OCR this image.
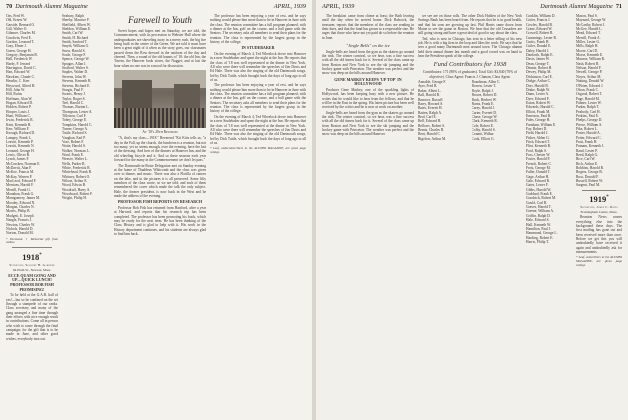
70 Dartmouth Alumni Magazine	APRIL, 1939
Oas, Fred W.
Ohl, Ernest W.
Garside, Bernard O.
Gill, Walter O.
Gilmore, Charles M.
Goodwin, Fred E.
Gordon, Leonard T.
Gray, Elmer J.
Green, George H.
Gregory, Benjamin B.
Hall, Frederick W.
Hardy, F. Jerrard
Harrington, David C.
Hart, Edward W.
Hawkins, Claude C.
Heurlin, C. Kerr
Heywood, Alfred H.
Hill, John W.
Hill, Rufus
Hoffman, Alan W.
Hogan, Edward D.
Holden, Robert P.
Hooper, Louis J.
Hunt, William C.
Irwin, Frederick R.
Kent, Kenneth B.
Kerr, William F.
Keough, Richard D.
Lampey, Frank L.
Leavitt, Kenneth P.
Leavitt, Kenneth N.
Leonard, George H.
Lewis, Oliver B.
Lynch, James F.
McCracken, Norman E.
McDavitt, Alan F.
McKoe, Francis M.
McKay, Warren P.
MacLeod, Edward F.
Merriam, Harold F.
Merrill, Frank G.
Monahan, Frank G.
Montgomery, James M.
Moodey, Edward N.
Morgan, Charles N.
Morris, Philip B.
Mudgett, E. Joseph
Nangle, Francis J.
Newton, Charles W.
Nichols, Harold D.
Norton, Donald M.
* Deceased. † Memorial gift from widow.
1918*
Secretary, Seabury H. Gardner
64 Plum St., Newton, Mass.
ECCE QUAM GONG AND UP—QUICK LUNCH! PROFESSOR BOB FISH PROMISING!

To be held at the G.A.R. hall of yes!—but so be confined on the set through a stampede of our ranks. Class secretary and many of the gang arranged a fine time through their efforts with nice enough result in contributions. Come all in person who wish to come through the final campaign; for the gift that is to be made in June, and other good wishes, everybody turn out.

Seabury, Ralph
Sheehy, Maurice F.
Sheffield, Albert W.
Sheldon, William E.
Smith, Carl W.
Smith, H. Richard
Smith, Sanford T.
Smyth, William G.
Snow, Harold S.
Soule, George F.
Spence, George W.
Spragos, Allan J.
Stafford, Walter S.
Staples, Walter D.
Stevens, John W.
Stevens, Kenneth B.
Stevens, Richard E.
Sturgis, Paul F.
Swarts, Henry J.
Taylor, Roger S.
Teel, Harold C.
Thomas, Burton L.
Thompson, Lester A.
Tillotson, Carl F.
Tobey, George E.
Tompkins, Harold C.
Turner, George A.
Tuttle, Richard S.
Vaughan, Earl P.
Vose, Robert F.
Waite, Harold S.
Walker, Norman L.
Ward, Frank E.
Weaver, Walter L.
Wells, Parker R.
White, Frederick R.
Whitehead, Frank B.
Whitney, Robert O.
Wilson, Arthur E.
Wood, Edwin B.
Woodruff, Harry A.
Woodward, Robert F.
Wright, Philip H.
Farewell to Youth

Sweet hopes and hopes met on Saturday, we are told, the Commencement, with its procession to Webster Hall where the undergraduates are shoveling away in a merry rush, the big fire being built in the center of the Green. We are told it must have been a great night of it when as the story goes, our classmates passed down the Row dressed in the uniform of the day and cheered. Then, a round of the old haunts of '18: the old Inn, the Tavern, the Hanover book stores, the Nugget; and at last the hour when no one was in a mood for discussion.

At '18's 20th Reunion

"A, that's my class—1918." Reverend "Kit Kitts tells us, "a day in the Fall, up the church, the luncheon is a reunion, but not too many, yet so seems enough, over the evening, have the last of the dressing. And how of the dinners at Hanover Inn, and the old wheeling bicycle and it. And so these seasons each year forward for the many in the Commencement we don't let pass."

The Dartmouth-in-Boise Delegation met on Sunday evening at the home of Thaddeus Whitcomb and the class was given over to dinner, and music. There was also a Flotilla of canoes on the lake, and in the pictures it is all preserved. Some fifty members of the class wrote, so we are told, and each of them remembered the cover which made the talk the only subject. Hale, the former president, is now back in the West and he made the address of the evening.

PROFESSOR FISH REPORTS ON RESEARCH

Professor Bob Fish has returned from Hartford, after a year at Harvard, and reports that his research trip has been completed. The professor has been promoting his book, which may be ready for the next term. He has been thinking of the Class History and is glad to help with it. His work in the History department continues, and his students are always glad to find him back.

The professor has been enjoying a year of rest, and he says nothing would please him more than to be in Hanover in June with the class. The reunion committee has a full program planned, with a dinner at the Inn, golf on the course, and a ball game with the Seniors. The secretary asks all members to send their plans for the reunion. The class is represented by the largest group in the history of the college.

IN STUDEBAKER

On the evening of March 4, Ted Wheelock drove into Hanover in a new Studebaker and spent the night at the Inn. He reports that the class of '18 was well represented at the dinner in New York. All who were there will remember the speeches of Jim Davis and Ed Hale. There was also the singing of the old Dartmouth songs, led by Dick Tuttle, which brought back the days of long ago to all of us.

The professor has been enjoying a year of rest, and he says nothing would please him more than to be in Hanover in June with the class. The reunion committee has a full program planned, with a dinner at the Inn, golf on the course, and a ball game with the Seniors. The secretary asks all members to send their plans for the reunion. The class is represented by the largest group in the history of the college.

On the evening of March 4, Ted Wheelock drove into Hanover in a new Studebaker and spent the night at the Inn. He reports that the class of '18 was well represented at the dinner in New York. All who were there will remember the speeches of Jim Davis and Ed Hale. There was also the singing of the old Dartmouth songs, led by Dick Tuttle, which brought back the days of long ago to all of us.

* Leaf, undersubscribers to the ALUMNI MAGAZINE, are given page ratings.
APRIL, 1939	Dartmouth Alumni Magazine 71

The breakfast came from chime at least; the Bath leaving until the day when he arrived home. Dick Babcock, the treasurer, reports that the members of the class are sending in their dues, and that the fund has grown to a respectable size. He urges that those who have not yet paid do so before the reunion in June.

"Jingle Bells" on the ice

Jingle-bells are heard from the gym as the skaters go around the rink. The winter carnival, so we hear, was a fine success with all the old timers back for it. Several of the class came up from Boston and New York to see the ski jumping and the hockey game with Princeton. The weather was perfect and the snow was deep on the hills around Hanover.

GENE MARKEY KEEPS 'UP TOP' IN HOLLYWOOD

Producer Gene Markey, one of the sparkling lights of Hollywood, has been keeping busy with a new picture. He writes that he would like to hear from the fellows, and that he will be in the East in the spring. His latest picture has been well received by the critics and he is now at work on another.

Jingle-bells are heard from the gym as the skaters go around the rink. The winter carnival, so we hear, was a fine success with all the old timers back for it. Several of the class came up from Boston and New York to see the ski jumping and the hockey game with Princeton. The weather was perfect and the snow was deep on the hills around Hanover.

we see are on those rolls. The other Dick Holden of the New York Savings Bank has been heard from. He reports that he is in good health, and that his sons are growing up fast. Phil Harris came down from Maine to see the game in Boston. We hear that the old Crusaders are still going strong and have a great deal of good to say about the class.

Ted, who is now in Chicago, has sent in a letter telling of his new job. He is with a big firm in the loop and likes the work. He says that he sees a good many Dartmouth men around town. The Chicago alumni held their annual dinner last month and a good crowd was on hand to hear the President speak of the college.

Fund Contributors for 1938

Contributors: 171 (80% of graduates). Total Gift: $3,840 (70% of objective). Class Agent: Francis J. Claman, Class Agent.

Annable, George F.
Ayer, Fred B.
Baker, Albert L.
Ball, Harold B.
Barrows, Russell
Barry, Howard S.
Bates, Everett H.
Batten, Ralph A.
Beal, Carl E.
Bell, Edward B.
Bellows, Robert S.
Bemis, Charles B.
Bent, Harold C.
Bigelow, Arthur M.
Boardman, Allen C.
Bowen, Lester T.
Boyle, Ralph J.
Brown, Robert D.
Buck, Herbert W.
Burns, Frank E.
Carey, Harold J.
Carter, Everett D.
Chase, George W.
Clark, Kenneth R.
Cole, Robert E.
Colby, Harold S.
Conant, Wilbur
Cook, Elliott G.
Conklin, William D.
Cotter, Francis J.
Cowles, Harold B.
Crane, Edward W.
Crowell, Robert B.
Cummings, Lester R.
Curtis, Frank H.
Cutler, Donald E.
Daley, Harold J.
Danforth, Ralph E.
Davis, James W.
Dean, George T.
Dennis, Robert H.
Dewey, Philip M.
Dickinson, Carl E.
Dodge, Arthur C.
Dorr, Harold B.
Drake, Ralph W.
Dunn, Lester A.
Dyer, Edward F.
Eaton, Robert W.
Edwards, Harold C.
Elliott, Frank M.
Emerson, Paul R.
Fales, George H.
Farnham, William E.
Fay, Robert D.
Field, Harold J.
Fisher, Alden G.
Fitch, Edward T.
Flint, Kenneth B.
Ford, Ralph S.
Foss, Chester W.
Foster, Harold P.
French, Robert C.
Frost, George M.
Fuller, Donald T.
Gage, Arthur H.
Gale, Edward R.
Gates, Lester F.
Gibbs, Harold W.
Goddard, Frank E.
Goodrich, Robert M.
Gould, Carl B.
Graves, Harold T.
Greene, William A.
Griffin, Ralph D.
Hale, Edward S.
Hall, Kenneth W.
Hamilton, Paul J.
Hammond, George L.
Harding, Robert E.
Harris, Philip T.
Mason, Paul S.
Maynard, George W.
McCarthy, Robert J.
McGee, Harold L.
Mead, Edward T.
Merrill, Frank A.
Miller, Lester G.
Mills, Ralph H.
Moore, Carl D.
Morse, Kenneth E.
Munroe, William R.
Nash, Robert B.
Nelson, Harold F.
Newell, George P.
Noyes, Arthur M.
Nutting, Donald W.
O'Brien, Edward J.
Olson, Frank C.
Osgood, Robert T.
Page, Harold M.
Palmer, Lester W.
Parker, Ralph T.
Peabody, Carl H.
Perkins, Paul E.
Phelps, George D.
Pierce, William S.
Pike, Robert L.
Porter, Harold A.
Potter, Edward C.
Pratt, Frank H.
Putnam, Kenneth J.
Rand, Lester P.
Reed, Ralph G.
Rice, Carl W.
Rich, Arthur E.
Robbins, Harold R.
Rogers, George B.
Ross, Donald F.
Russell, Robert W.
Sargent, Paul M.
1919*
Secretary, James C. Davis
Framingham Centre, Mass.

Reunion News comes everything else into the background these days. The first mailing has gone out and been received more than once. Before we get this you will undoubtedly have received it again and undoubtedly ask for measurements.

* Leaf, subscribers to the ALUMNI MAGAZINE, are given page ratings.
